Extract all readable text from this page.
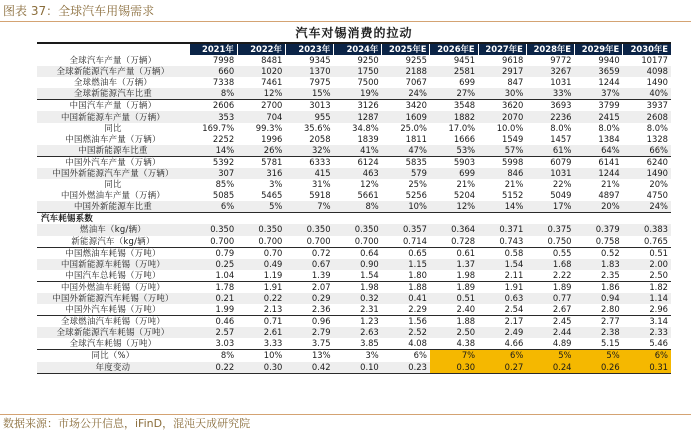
图表 37：全球汽车用锡需求
汽车对锡消费的拉动
	2021年	2022年	2023年	2024年	2025年E	2026年E	2027年E	2028年E	2029年E	2030年E
全球汽车产量（万辆）	7998	8481	9345	9250	9255	9451	9618	9772	9940	10177
全球新能源汽车产量（万辆）	660	1020	1370	1750	2188	2581	2917	3267	3659	4098
全球燃油车（万辆）	7338	7461	7975	7500	7067	699	847	1031	1244	1490
全球新能源汽车比重	8%	12%	15%	19%	24%	27%	30%	33%	37%	40%
中国汽车产量（万辆）	2606	2700	3013	3126	3420	3548	3620	3693	3799	3937
中国新能源车产量（万辆）	353	704	955	1287	1609	1882	2070	2236	2415	2608
同比	169.7%	99.3%	35.6%	34.8%	25.0%	17.0%	10.0%	8.0%	8.0%	8.0%
中国燃油车产量（万辆）	2252	1996	2058	1839	1811	1666	1549	1457	1384	1328
中国新能源车比重	14%	26%	32%	41%	47%	53%	57%	61%	64%	66%
中国外汽车产量（万辆）	5392	5781	6333	6124	5835	5903	5998	6079	6141	6240
中国外新能源汽车产量（万辆）	307	316	415	463	579	699	846	1031	1244	1490
同比	85%	3%	31%	12%	25%	21%	21%	22%	21%	20%
中国外燃油车产量（万辆）	5085	5465	5918	5661	5256	5204	5152	5049	4897	4750
中国外新能源车比重	6%	5%	7%	8%	10%	12%	14%	17%	20%	24%
汽车耗锡系数										
燃油车（kg/辆）	0.350	0.350	0.350	0.350	0.357	0.364	0.371	0.375	0.379	0.383
新能源汽车（kg/辆）	0.700	0.700	0.700	0.700	0.714	0.728	0.743	0.750	0.758	0.765
中国燃油车耗锡（万吨）	0.79	0.70	0.72	0.64	0.65	0.61	0.58	0.55	0.52	0.51
中国新能源车耗锡（万吨）	0.25	0.49	0.67	0.90	1.15	1.37	1.54	1.68	1.83	2.00
中国汽车总耗锡（万吨）	1.04	1.19	1.39	1.54	1.80	1.98	2.11	2.22	2.35	2.50
中国外燃油车耗锡（万吨）	1.78	1.91	2.07	1.98	1.88	1.89	1.91	1.89	1.86	1.82
中国外新能源汽车耗锡（万吨）	0.21	0.22	0.29	0.32	0.41	0.51	0.63	0.77	0.94	1.14
中国外汽车耗锡（万吨）	1.99	2.13	2.36	2.31	2.29	2.40	2.54	2.67	2.80	2.96
全球燃油汽车耗锡（万吨）	0.46	0.71	0.96	1.23	1.56	1.88	2.17	2.45	2.77	3.14
全球新能源汽车耗锡（万吨）	2.57	2.61	2.79	2.63	2.52	2.50	2.49	2.44	2.38	2.33
全球汽车耗锡（万吨）	3.03	3.33	3.75	3.85	4.08	4.38	4.66	4.89	5.15	5.46
同比（%）	8%	10%	13%	3%	6%	7%	6%	5%	5%	6%
年度变动	0.22	0.30	0.42	0.10	0.23	0.30	0.27	0.24	0.26	0.31
数据来源：市场公开信息，iFinD，混沌天成研究院
